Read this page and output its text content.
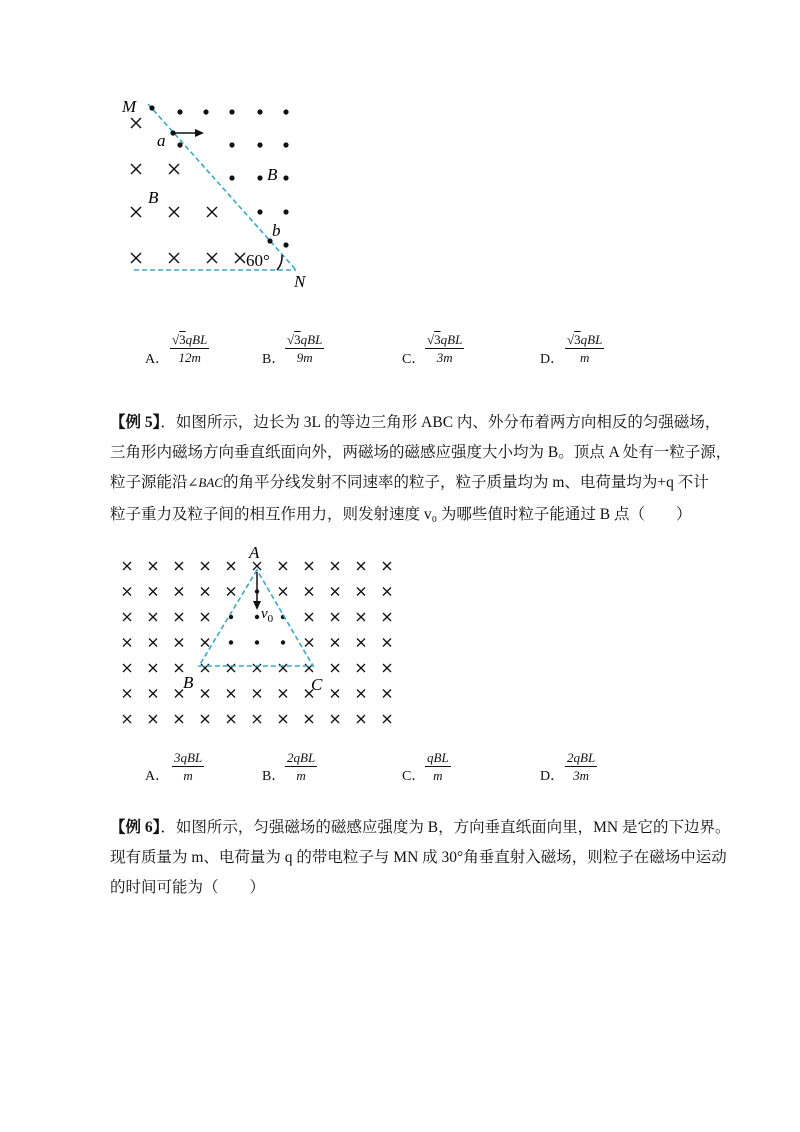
M
a
B
B
b
60°
N
A．
√3qBL
12m	B．
√3qBL
9m	C．
√3qBL
3m	D．
√3qBL
m
【例 5】．如图所示，边长为 3L 的等边三角形 ABC 内、外分布着两方向相反的匀强磁场，
三角形内磁场方向垂直纸面向外，两磁场的磁感应强度大小均为 B。顶点 A 处有一粒子源，
粒子源能沿∠BAC的角平分线发射不同速率的粒子，粒子质量均为 m、电荷量均为+q 不计
粒子重力及粒子间的相互作用力，则发射速度 v₀ 为哪些值时粒子能通过 B 点（　　）
A
$v_0$
B	C
A．
3qBL
m	B．
2qBL
m	C．
qBL
m	D．
2qBL
3m
【例 6】．如图所示，匀强磁场的磁感应强度为 B，方向垂直纸面向里，MN 是它的下边界。
现有质量为 m、电荷量为 q 的带电粒子与 MN 成 30°角垂直射入磁场，则粒子在磁场中运动
的时间可能为（　　）
